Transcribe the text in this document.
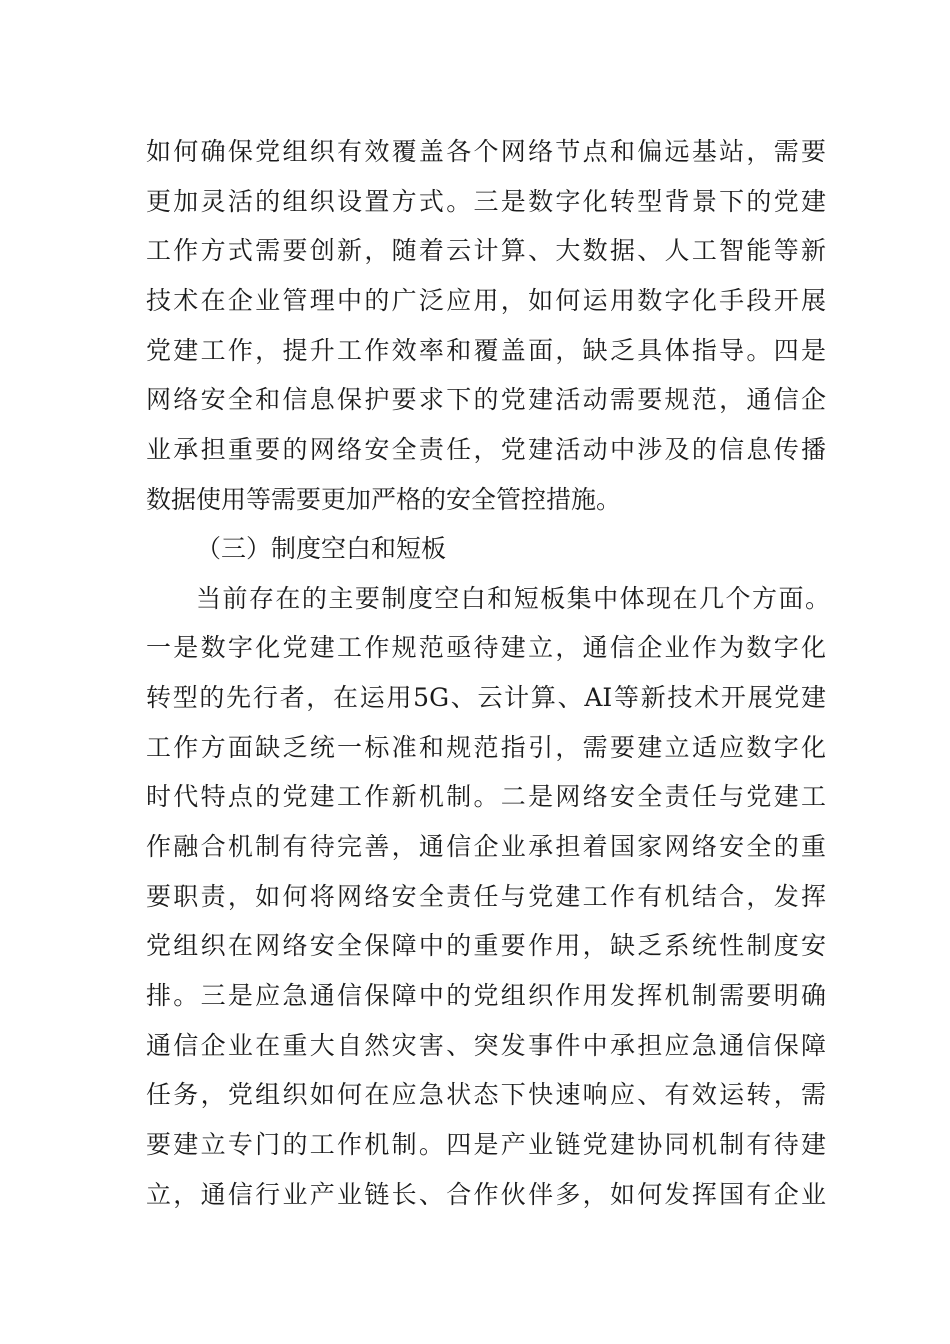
如何确保党组织有效覆盖各个网络节点和偏远基站，需要
更加灵活的组织设置方式。三是数字化转型背景下的党建
工作方式需要创新，随着云计算、大数据、人工智能等新
技术在企业管理中的广泛应用，如何运用数字化手段开展
党建工作，提升工作效率和覆盖面，缺乏具体指导。四是
网络安全和信息保护要求下的党建活动需要规范，通信企
业承担重要的网络安全责任，党建活动中涉及的信息传播
数据使用等需要更加严格的安全管控措施。
（三）制度空白和短板
当前存在的主要制度空白和短板集中体现在几个方面。
一是数字化党建工作规范亟待建立，通信企业作为数字化
转型的先行者，在运用5G、云计算、AI等新技术开展党建
工作方面缺乏统一标准和规范指引，需要建立适应数字化
时代特点的党建工作新机制。二是网络安全责任与党建工
作融合机制有待完善，通信企业承担着国家网络安全的重
要职责，如何将网络安全责任与党建工作有机结合，发挥
党组织在网络安全保障中的重要作用，缺乏系统性制度安
排。三是应急通信保障中的党组织作用发挥机制需要明确
通信企业在重大自然灾害、突发事件中承担应急通信保障
任务，党组织如何在应急状态下快速响应、有效运转，需
要建立专门的工作机制。四是产业链党建协同机制有待建
立，通信行业产业链长、合作伙伴多，如何发挥国有企业
